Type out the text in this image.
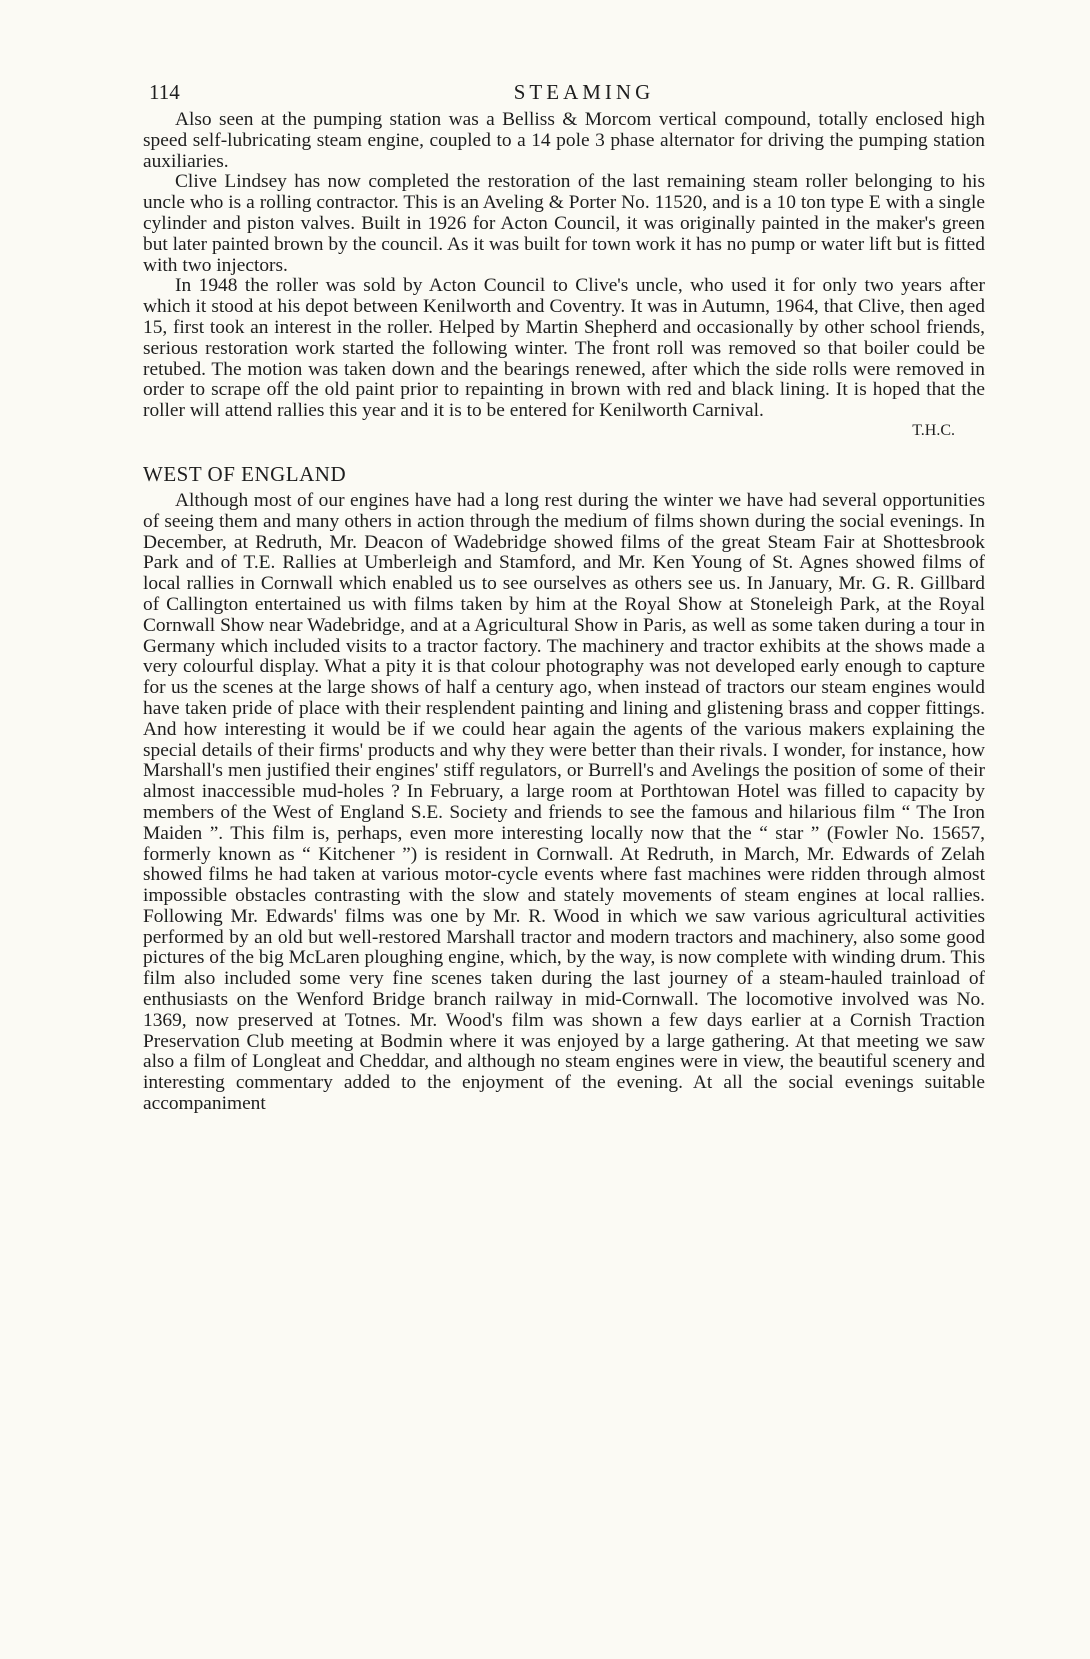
114	STEAMING

Also seen at the pumping station was a Belliss & Morcom vertical compound, totally enclosed high speed self-lubricating steam engine, coupled to a 14 pole 3 phase alternator for driving the pumping station auxiliaries.

Clive Lindsey has now completed the restoration of the last remaining steam roller belonging to his uncle who is a rolling contractor. This is an Aveling & Porter No. 11520, and is a 10 ton type E with a single cylinder and piston valves. Built in 1926 for Acton Council, it was originally painted in the maker's green but later painted brown by the council. As it was built for town work it has no pump or water lift but is fitted with two injectors.

In 1948 the roller was sold by Acton Council to Clive's uncle, who used it for only two years after which it stood at his depot between Kenilworth and Coventry. It was in Autumn, 1964, that Clive, then aged 15, first took an interest in the roller. Helped by Martin Shepherd and occasionally by other school friends, serious restoration work started the following winter. The front roll was removed so that boiler could be retubed. The motion was taken down and the bearings renewed, after which the side rolls were removed in order to scrape off the old paint prior to repainting in brown with red and black lining. It is hoped that the roller will attend rallies this year and it is to be entered for Kenilworth Carnival.

T.H.C.
WEST OF ENGLAND

Although most of our engines have had a long rest during the winter we have had several opportunities of seeing them and many others in action through the medium of films shown during the social evenings. In December, at Redruth, Mr. Deacon of Wadebridge showed films of the great Steam Fair at Shottesbrook Park and of T.E. Rallies at Umberleigh and Stamford, and Mr. Ken Young of St. Agnes showed films of local rallies in Cornwall which enabled us to see ourselves as others see us. In January, Mr. G. R. Gillbard of Callington entertained us with films taken by him at the Royal Show at Stoneleigh Park, at the Royal Cornwall Show near Wadebridge, and at a Agricultural Show in Paris, as well as some taken during a tour in Germany which included visits to a tractor factory. The machinery and tractor exhibits at the shows made a very colourful display. What a pity it is that colour photography was not developed early enough to capture for us the scenes at the large shows of half a century ago, when instead of tractors our steam engines would have taken pride of place with their resplendent painting and lining and glistening brass and copper fittings. And how interesting it would be if we could hear again the agents of the various makers explaining the special details of their firms' products and why they were better than their rivals. I wonder, for instance, how Marshall's men justified their engines' stiff regulators, or Burrell's and Avelings the position of some of their almost inaccessible mud-holes ? In February, a large room at Porthtowan Hotel was filled to capacity by members of the West of England S.E. Society and friends to see the famous and hilarious film “ The Iron Maiden ”. This film is, perhaps, even more interesting locally now that the “ star ” (Fowler No. 15657, formerly known as “ Kitchener ”) is resident in Cornwall. At Redruth, in March, Mr. Edwards of Zelah showed films he had taken at various motor-cycle events where fast machines were ridden through almost impossible obstacles contrasting with the slow and stately movements of steam engines at local rallies. Following Mr. Edwards' films was one by Mr. R. Wood in which we saw various agricultural activities performed by an old but well-restored Marshall tractor and modern tractors and machinery, also some good pictures of the big McLaren ploughing engine, which, by the way, is now complete with winding drum. This film also included some very fine scenes taken during the last journey of a steam-hauled trainload of enthusiasts on the Wenford Bridge branch railway in mid-Cornwall. The locomotive involved was No. 1369, now preserved at Totnes. Mr. Wood's film was shown a few days earlier at a Cornish Traction Preservation Club meeting at Bodmin where it was enjoyed by a large gathering. At that meeting we saw also a film of Longleat and Cheddar, and although no steam engines were in view, the beautiful scenery and interesting commentary added to the enjoyment of the evening. At all the social evenings suitable accompaniment
